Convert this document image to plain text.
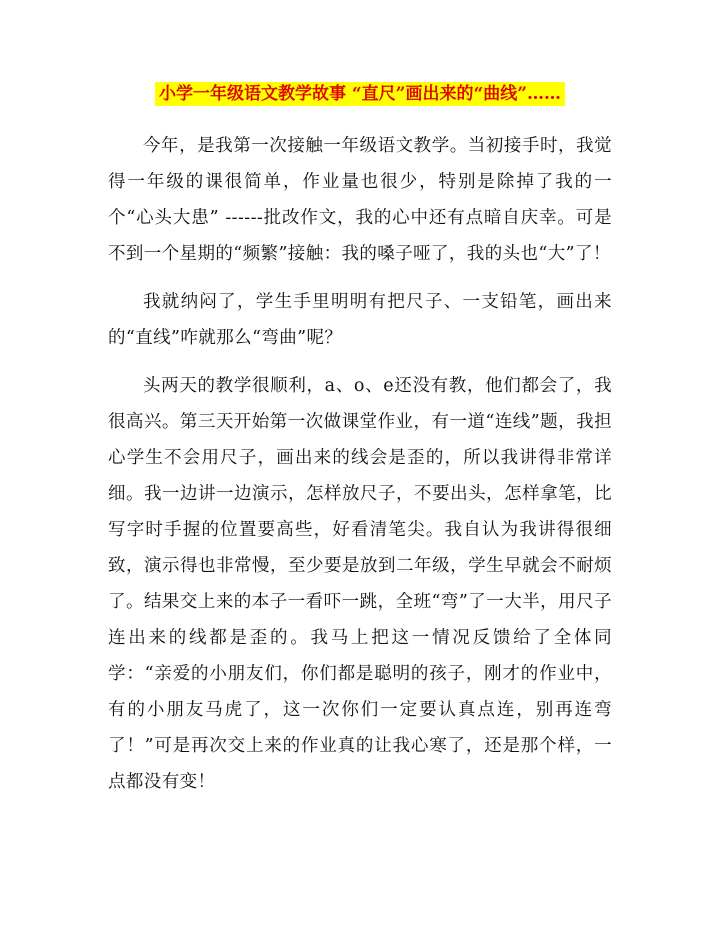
小学一年级语文教学故事 “直尺”画出来的“曲线”……

今年，是我第一次接触一年级语文教学。当初接手时，我觉得一年级的课很简单，作业量也很少，特别是除掉了我的一个“心头大患” ------批改作文，我的心中还有点暗自庆幸。可是不到一个星期的“频繁”接触：我的嗓子哑了，我的头也“大”了！

我就纳闷了，学生手里明明有把尺子、一支铅笔，画出来的“直线”咋就那么“弯曲”呢？

头两天的教学很顺利，a、o、e还没有教，他们都会了，我很高兴。第三天开始第一次做课堂作业，有一道“连线”题，我担心学生不会用尺子，画出来的线会是歪的，所以我讲得非常详细。我一边讲一边演示，怎样放尺子，不要出头，怎样拿笔，比写字时手握的位置要高些，好看清笔尖。我自认为我讲得很细致，演示得也非常慢，至少要是放到二年级，学生早就会不耐烦了。结果交上来的本子一看吓一跳，全班“弯”了一大半，用尺子连出来的线都是歪的。我马上把这一情况反馈给了全体同学：“亲爱的小朋友们，你们都是聪明的孩子，刚才的作业中，有的小朋友马虎了，这一次你们一定要认真点连，别再连弯了！”可是再次交上来的作业真的让我心寒了，还是那个样，一点都没有变！
